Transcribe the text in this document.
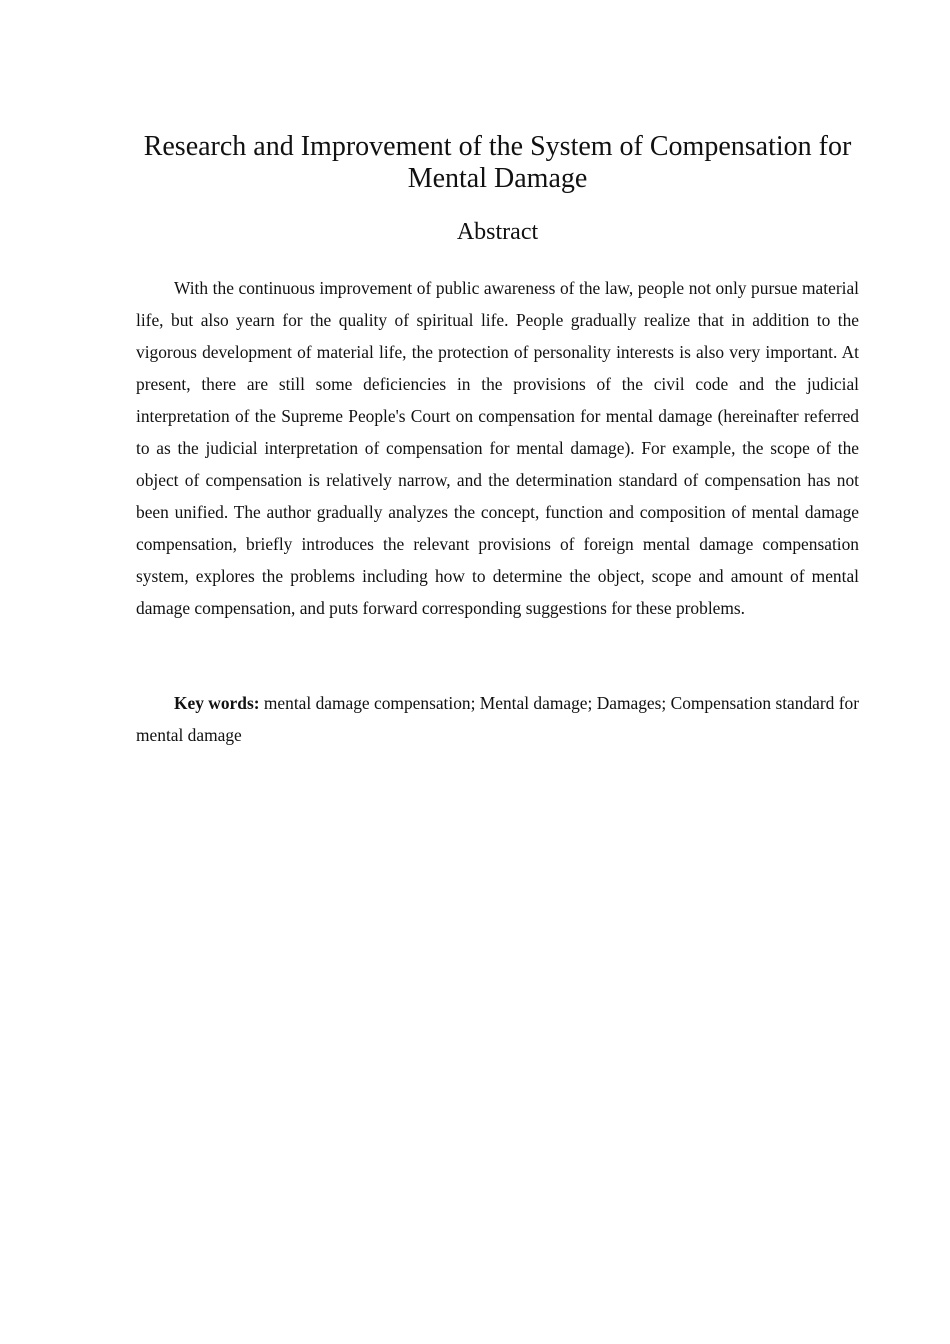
Research and Improvement of the System of Compensation for Mental Damage
Abstract

With the continuous improvement of public awareness of the law, people not only pursue material life, but also yearn for the quality of spiritual life. People gradually realize that in addition to the vigorous development of material life, the protection of personality interests is also very important. At present, there are still some deficiencies in the provisions of the civil code and the judicial interpretation of the Supreme People's Court on compensation for mental damage (hereinafter referred to as the judicial interpretation of compensation for mental damage). For example, the scope of the object of compensation is relatively narrow, and the determination standard of compensation has not been unified. The author gradually analyzes the concept, function and composition of mental damage compensation, briefly introduces the relevant provisions of foreign mental damage compensation system, explores the problems including how to determine the object, scope and amount of mental damage compensation, and puts forward corresponding suggestions for these problems.

Key words: mental damage compensation; Mental damage; Damages; Compensation standard for mental damage
